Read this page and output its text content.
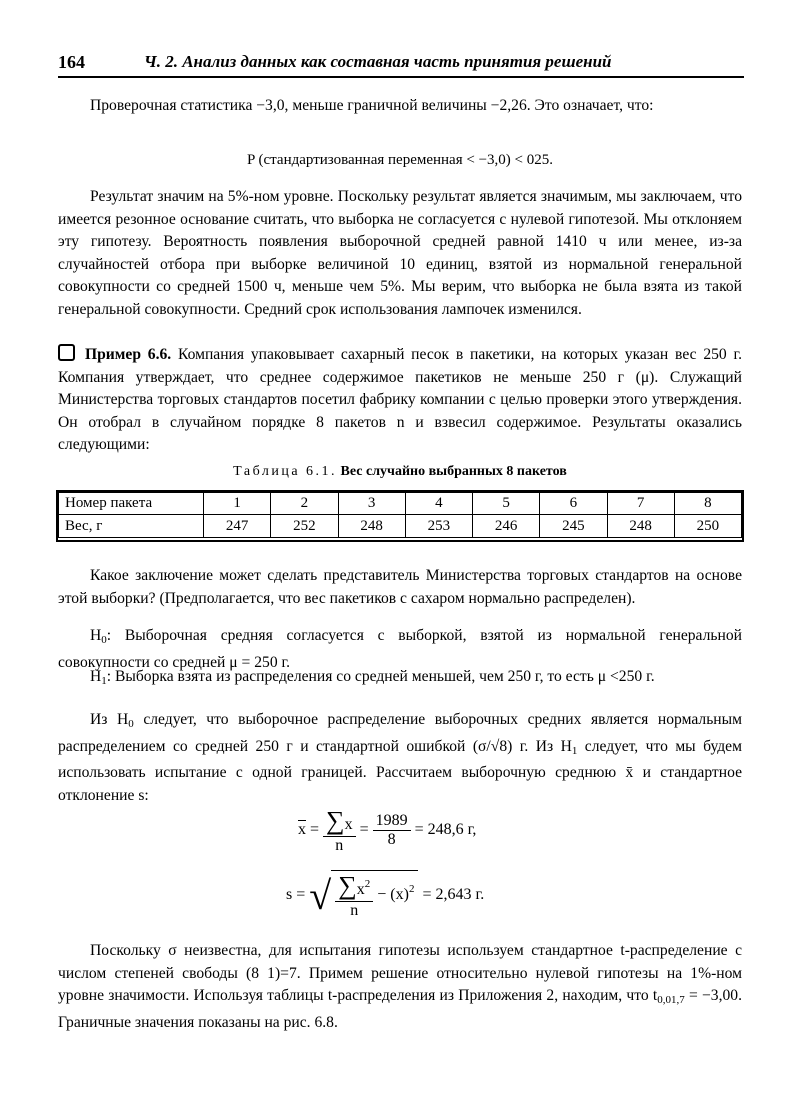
164	Ч. 2. Анализ данных как составная часть принятия решений

Проверочная статистика −3,0, меньше граничной величины −2,26. Это означает, что:

P (стандартизованная переменная < −3,0) < 025.

Результат значим на 5%-ном уровне. Поскольку результат является значимым, мы заключаем, что имеется резонное основание считать, что выборка не согласуется с нулевой гипотезой. Мы отклоняем эту гипотезу. Вероятность появления выборочной средней равной 1410 ч или менее, из-за случайностей отбора при выборке величиной 10 единиц, взятой из нормальной генеральной совокупности со средней 1500 ч, меньше чем 5%. Мы верим, что выборка не была взята из такой генеральной совокупности. Средний срок использования лампочек изменился.

Пример 6.6. Компания упаковывает сахарный песок в пакетики, на которых указан вес 250 г. Компания утверждает, что среднее содержимое пакетиков не меньше 250 г (μ). Служащий Министерства торговых стандартов посетил фабрику компании с целью проверки этого утверждения. Он отобрал в случайном порядке 8 пакетов n и взвесил содержимое. Результаты оказались следующими:

Таблица 6.1. Вес случайно выбранных 8 пакетов

Номер пакета	1	2	3	4	5	6	7	8
Вес, г	247	252	248	253	246	245	248	250

Какое заключение может сделать представитель Министерства торговых стандартов на основе этой выборки? (Предполагается, что вес пакетиков с сахаром нормально распределен).

$H_0$: Выборочная средняя согласуется с выборкой, взятой из нормальной генеральной совокупности со средней μ = 250 г.

$H_1$: Выборка взята из распределения со средней меньшей, чем 250 г, то есть μ <250 г.

Из $H_0$ следует, что выборочное распределение выборочных средних является нормальным распределением со средней 250 г и стандартной ошибкой (σ/√8) г. Из $H_1$ следует, что мы будем использовать испытание с одной границей. Рассчитаем выборочную среднюю x̄ и стандартное отклонение s:

$\overline{x} = \frac{\sum x}{n} = \frac{1989}{8} = 248,6$ г,
s = √ $\frac{\sum x^2}{n} - (x)^2 = 2,643$ г.

Поскольку σ неизвестна, для испытания гипотезы используем стандартное t-распределение с числом степеней свободы (8 1)=7. Примем решение относительно нулевой гипотезы на 1%-ном уровне значимости. Используя таблицы t-распределения из Приложения 2, находим, что $t_{0,01,7} = -3,00$. Граничные значения показаны на рис. 6.8.
